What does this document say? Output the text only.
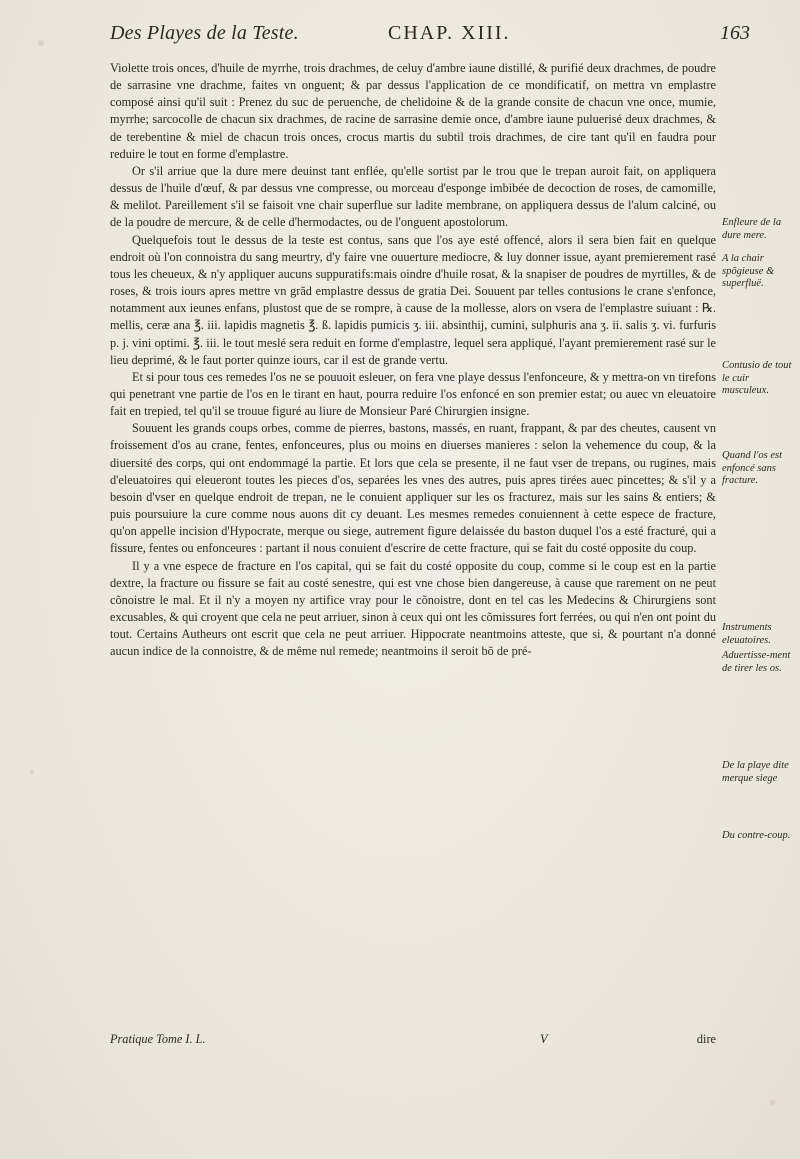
Des Playes de la Teste.	CHAP. XIII.	163

Violette trois onces, d'huile de myrrhe, trois drachmes, de celuy d'ambre iaune distillé, & purifié deux drachmes, de poudre de sarrasine vne drachme, faites vn onguent; & par dessus l'application de ce mondificatif, on mettra vn emplastre composé ainsi qu'il suit : Prenez du suc de peruenche, de chelidoine & de la grande consite de chacun vne once, mumie, myrrhe; sarcocolle de chacun six drachmes, de racine de sarrasine demie once, d'ambre iaune puluerisé deux drachmes, & de terebentine & miel de chacun trois onces, crocus martis du subtil trois drachmes, de cire tant qu'il en faudra pour reduire le tout en forme d'emplastre.

Or s'il arriue que la dure mere deuinst tant enflée, qu'elle sortist par le trou que le trepan auroit fait, on appliquera dessus de l'huile d'œuf, & par dessus vne compresse, ou morceau d'esponge imbibée de decoction de roses, de camomille, & melilot. Pareillement s'il se faisoit vne chair superflue sur ladite membrane, on appliquera dessus de l'alum calciné, ou de la poudre de mercure, & de celle d'hermodactes, ou de l'onguent apostolorum.

Quelquefois tout le dessus de la teste est contus, sans que l'os aye esté offencé, alors il sera bien fait en quelque endroit où l'on connoistra du sang meurtry, d'y faire vne ouuerture mediocre, & luy donner issue, ayant premierement rasé tous les cheueux, & n'y appliquer aucuns suppuratifs:mais oindre d'huile rosat, & la snapiser de poudres de myrtilles, & de roses, & trois iours apres mettre vn grãd emplastre dessus de gratia Dei. Souuent par telles contusions le crane s'enfonce, notamment aux ieunes enfans, plustost que de se rompre, à cause de la mollesse, alors on vsera de l'emplastre suiuant : ℞. mellis, ceræ ana ℥. iii. lapidis magnetis ℥. ß. lapidis pumicis ʒ. iii. absinthij, cumini, sulphuris ana ʒ. ii. salis ʒ. vi. furfuris p. j. vini optimi. ℥. iii. le tout meslé sera reduit en forme d'emplastre, lequel sera appliqué, l'ayant premierement rasé sur le lieu deprimé, & le faut porter quinze iours, car il est de grande vertu.

Et si pour tous ces remedes l'os ne se pouuoit esleuer, on fera vne playe dessus l'enfonceure, & y mettra-on vn tirefons qui penetrant vne partie de l'os en le tirant en haut, pourra reduire l'os enfoncé en son premier estat; ou auec vn eleuatoire fait en trepied, tel qu'il se trouue figuré au liure de Monsieur Paré Chirurgien insigne.

Souuent les grands coups orbes, comme de pierres, bastons, massés, en ruant, frappant, & par des cheutes, causent vn froissement d'os au crane, fentes, enfonceures, plus ou moins en diuerses manieres : selon la vehemence du coup, & la diuersité des corps, qui ont endommagé la partie. Et lors que cela se presente, il ne faut vser de trepans, ou rugines, mais d'eleuatoires qui eleueront toutes les pieces d'os, separées les vnes des autres, puis apres tirées auec pincettes; & s'il y a besoin d'vser en quelque endroit de trepan, ne le conuient appliquer sur les os fracturez, mais sur les sains & entiers; & puis poursuiure la cure comme nous auons dit cy deuant. Les mesmes remedes conuiennent à cette espece de fracture, qu'on appelle incision d'Hypocrate, merque ou siege, autrement figure delaissée du baston duquel l'os a esté fracturé, qui a fissure, fentes ou enfonceures : partant il nous conuient d'escrire de cette fracture, qui se fait du costé opposite du coup.

Il y a vne espece de fracture en l'os capital, qui se fait du costé opposite du coup, comme si le coup est en la partie dextre, la fracture ou fissure se fait au costé senestre, qui est vne chose bien dangereuse, à cause que rarement on ne peut cõnoistre le mal. Et il n'y a moyen ny artifice vray pour le cõnoistre, dont en tel cas les Medecins & Chirurgiens sont excusables, & qui croyent que cela ne peut arriuer, sinon à ceux qui ont les cõmissures fort ferrées, ou qui n'en ont point du tout. Certains Autheurs ont escrit que cela ne peut arriuer. Hippocrate neantmoins atteste, que si, & pourtant n'a donné aucun indice de la connoistre, & de même nul remede; neantmoins il seroit bõ de pré-

Enfleure de la dure mere.
A la chair spõgieuse & superfluë.
Contusio de tout le cuir musculeux.
Quand l'os est enfoncé sans fracture.
Instruments eleuatoires.
Aduertisse-ment de tirer les os.
De la playe dite merque siege
Du contre-coup.
Pratique Tome I. L.	V	dire
